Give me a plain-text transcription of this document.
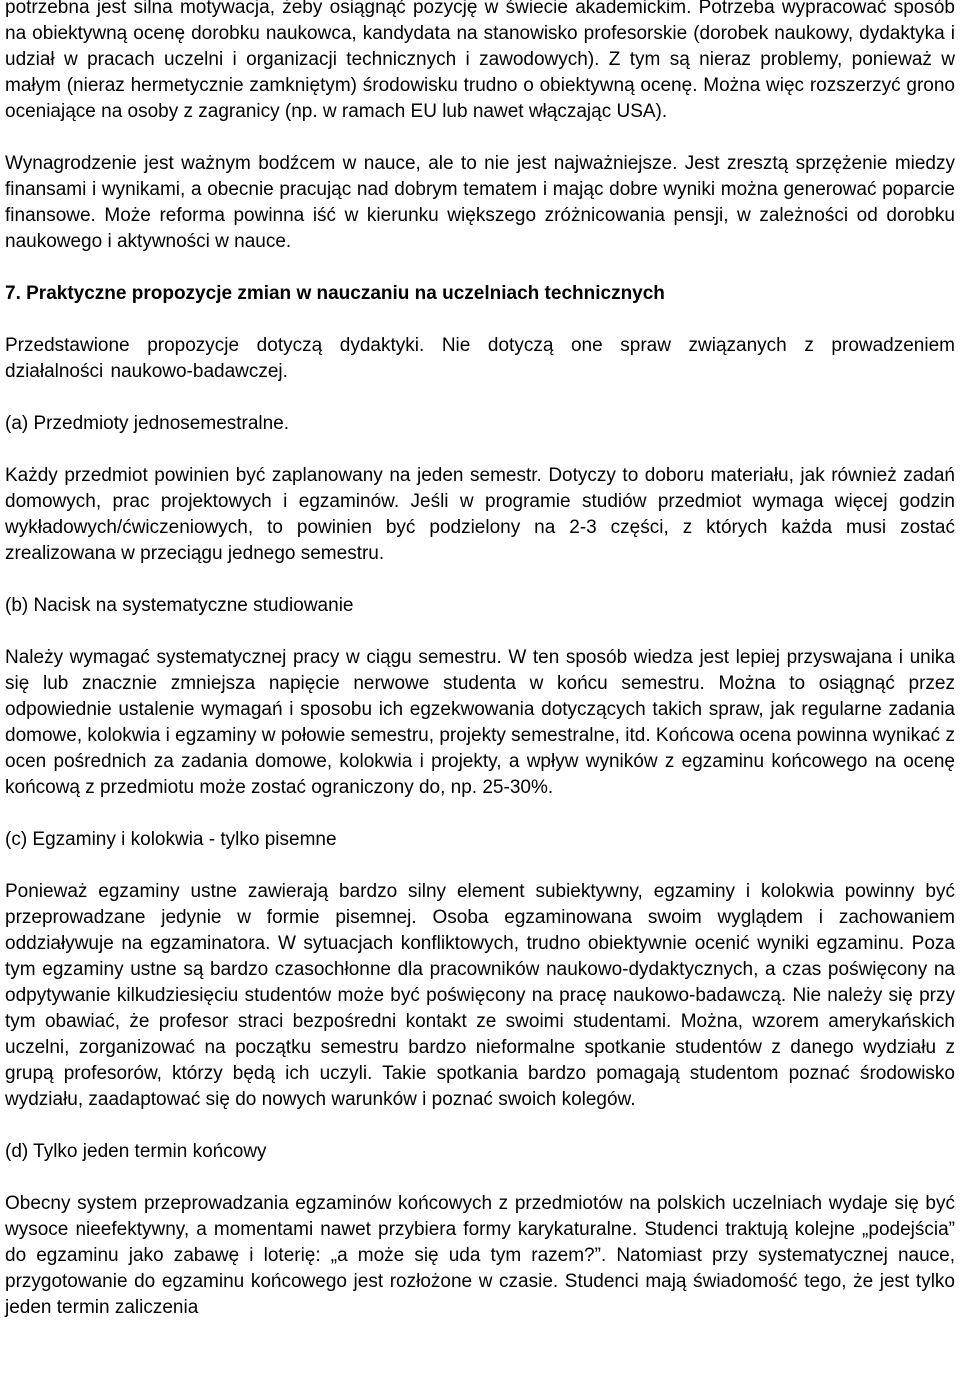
potrzebna jest silna motywacja, żeby osiągnąć pozycję w świecie akademickim. Potrzeba wypracować sposób na obiektywną ocenę dorobku naukowca, kandydata na stanowisko profesorskie (dorobek naukowy, dydaktyka i udział w pracach uczelni i organizacji technicznych i zawodowych). Z tym są nieraz problemy, ponieważ w małym (nieraz hermetycznie zamkniętym) środowisku trudno o obiektywną ocenę. Można więc rozszerzyć grono oceniające na osoby z zagranicy (np. w ramach EU lub nawet włączając USA).

Wynagrodzenie jest ważnym bodźcem w nauce, ale to nie jest najważniejsze. Jest zresztą sprzężenie miedzy finansami i wynikami, a obecnie pracując nad dobrym tematem i mając dobre wyniki można generować poparcie finansowe. Może reforma powinna iść w kierunku większego zróżnicowania pensji, w zależności od dorobku naukowego i aktywności w nauce.

7. Praktyczne propozycje zmian w nauczaniu na uczelniach technicznych

Przedstawione propozycje dotyczą dydaktyki. Nie dotyczą one spraw związanych z prowadzeniem działalności naukowo-badawczej.

(a) Przedmioty jednosemestralne.

Każdy przedmiot powinien być zaplanowany na jeden semestr. Dotyczy to doboru materiału, jak również zadań domowych, prac projektowych i egzaminów. Jeśli w programie studiów przedmiot wymaga więcej godzin wykładowych/ćwiczeniowych, to powinien być podzielony na 2-3 części, z których każda musi zostać zrealizowana w przeciągu jednego semestru.

(b) Nacisk na systematyczne studiowanie

Należy wymagać systematycznej pracy w ciągu semestru. W ten sposób wiedza jest lepiej przyswajana i unika się lub znacznie zmniejsza napięcie nerwowe studenta w końcu semestru. Można to osiągnąć przez odpowiednie ustalenie wymagań i sposobu ich egzekwowania dotyczących takich spraw, jak regularne zadania domowe, kolokwia i egzaminy w połowie semestru, projekty semestralne, itd. Końcowa ocena powinna wynikać z ocen pośrednich za zadania domowe, kolokwia i projekty, a wpływ wyników z egzaminu końcowego na ocenę końcową z przedmiotu może zostać ograniczony do, np. 25-30%.

(c) Egzaminy i kolokwia - tylko pisemne

Ponieważ egzaminy ustne zawierają bardzo silny element subiektywny, egzaminy i kolokwia powinny być przeprowadzane jedynie w formie pisemnej. Osoba egzaminowana swoim wyglądem i zachowaniem oddziaływuje na egzaminatora. W sytuacjach konfliktowych, trudno obiektywnie ocenić wyniki egzaminu. Poza tym egzaminy ustne są bardzo czasochłonne dla pracowników naukowo-dydaktycznych, a czas poświęcony na odpytywanie kilkudziesięciu studentów może być poświęcony na pracę naukowo-badawczą. Nie należy się przy tym obawiać, że profesor straci bezpośredni kontakt ze swoimi studentami. Można, wzorem amerykańskich uczelni, zorganizować na początku semestru bardzo nieformalne spotkanie studentów z danego wydziału z grupą profesorów, którzy będą ich uczyli. Takie spotkania bardzo pomagają studentom poznać środowisko wydziału, zaadaptować się do nowych warunków i poznać swoich kolegów.

(d) Tylko jeden termin końcowy

Obecny system przeprowadzania egzaminów końcowych z przedmiotów na polskich uczelniach wydaje się być wysoce nieefektywny, a momentami nawet przybiera formy karykaturalne. Studenci traktują kolejne „podejścia” do egzaminu jako zabawę i loterię: „a może się uda tym razem?”. Natomiast przy systematycznej nauce, przygotowanie do egzaminu końcowego jest rozłożone w czasie. Studenci mają świadomość tego, że jest tylko jeden termin zaliczenia
